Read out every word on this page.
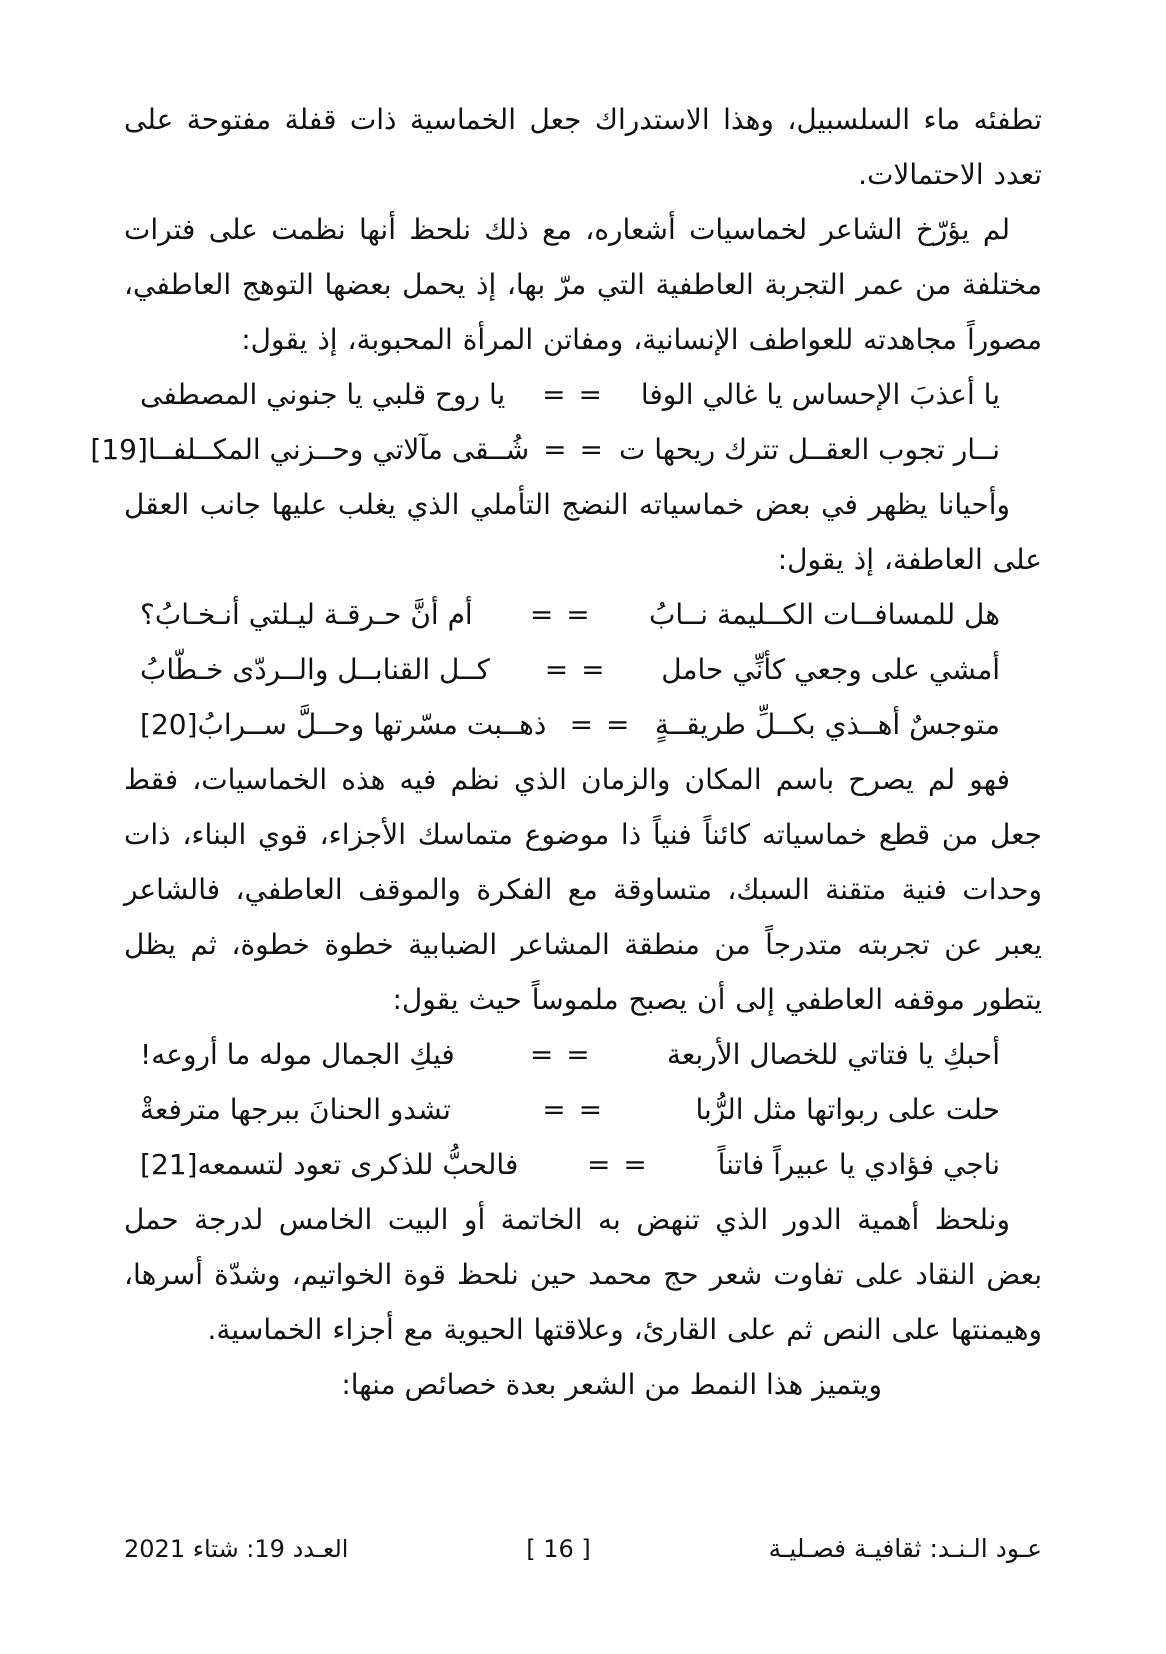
تطفئه ماء السلسبيل، وهذا الاستدراك جعل الخماسية ذات قفلة مفتوحة على تعدد الاحتمالات.

لم يؤرّخ الشاعر لخماسيات أشعاره، مع ذلك نلحظ أنها نظمت على فترات مختلفة من عمر التجربة العاطفية التي مرّ بها، إذ يحمل بعضها التوهج العاطفي، مصوراً مجاهدته للعواطف الإنسانية، ومفاتن المرأة المحبوبة، إذ يقول:

يا أعذبَ الإحساس يا غالي الوفا
= =
يا روح قلبي يا جنوني المصطفى
نــار تجوب العقــل تترك ريحها ت
= =
شُــقى مآلاتي وحــزني المكــلفــا[19]

وأحيانا يظهر في بعض خماسياته النضج التأملي الذي يغلب عليها جانب العقل على العاطفة، إذ يقول:

هل للمسافــات الكــليمة نــابُ
= =
أم أنَّ حـرقـة ليـلتي أنـخـابُ؟
أمشي على وجعي كأنِّي حامل
= =
كــل القنابــل والــردّى خـطّابُ
متوجسٌ أهــذي بكــلِّ طريقــةٍ
= =
ذهــبت مسّرتها وحــلَّ ســرابُ[20]

فهو لم يصرح باسم المكان والزمان الذي نظم فيه هذه الخماسيات، فقط جعل من قطع خماسياته كائناً فنياً ذا موضوع متماسك الأجزاء، قوي البناء، ذات وحدات فنية متقنة السبك، متساوقة مع الفكرة والموقف العاطفي، فالشاعر يعبر عن تجربته متدرجاً من منطقة المشاعر الضبابية خطوة خطوة، ثم يظل يتطور موقفه العاطفي إلى أن يصبح ملموساً حيث يقول:

أحبكِ يا فتاتي للخصال الأربعة
= =
فيكِ الجمال موله ما أروعه!
حلت على ربواتها مثل الرُّبا
= =
تشدو الحنانَ ببرجها مترفعةْ
ناجي فؤادي يا عبيراً فاتناً
= =
فالحبُّ للذكرى تعود لتسمعه[21]

ونلحظ أهمية الدور الذي تنهض به الخاتمة أو البيت الخامس لدرجة حمل بعض النقاد على تفاوت شعر حج محمد حين نلحظ قوة الخواتيم، وشدّة أسرها، وهيمنتها على النص ثم على القارئ، وعلاقتها الحيوية مع أجزاء الخماسية.

ويتميز هذا النمط من الشعر بعدة خصائص منها:

عـود الـنـد: ثقافيـة فصـليـة
[ 16 ]
العـدد 19: شتاء 2021
